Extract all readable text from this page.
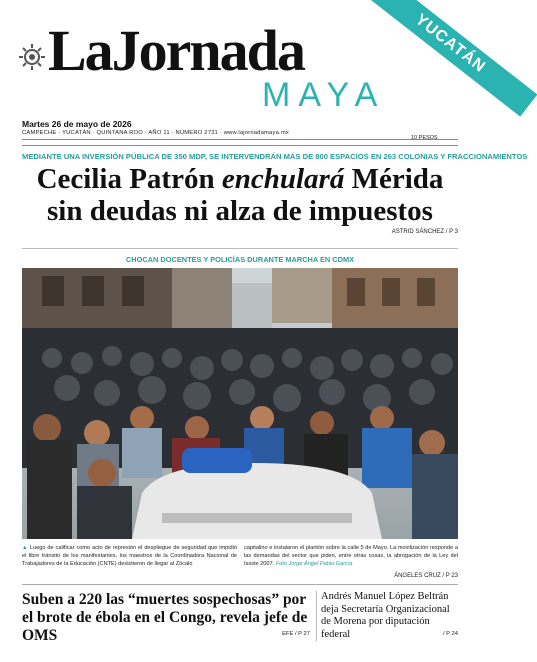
LaJornada
MAYA
YUCATÁN
Martes 26 de mayo de 2026
CAMPECHE · YUCATÁN · QUINTANA ROO · AÑO 11 · NÚMERO 2731 · www.lajornadamaya.mx
10 PESOS
MEDIANTE UNA INVERSIÓN PÚBLICA DE 350 MDP, SE INTERVENDRÁN MÁS DE 800 ESPACIOS EN 263 COLONIAS Y FRACCIONAMIENTOS
Cecilia Patrón enchulará Mérida sin deudas ni alza de impuestos
ASTRID SÁNCHEZ / P 3
CHOCAN DOCENTES Y POLICÍAS DURANTE MARCHA EN CDMX
▲ Luego de calificar como acto de represión el despliegue de seguridad que impidió el libre tránsito de los manifestantes, los maestros de la Coordinadora Nacional de Trabajadores de la Educación (CNTE) desistieron de llegar al Zócalo
capitalino e instalaron el plantón sobre la calle 5 de Mayo. La movilización responde a las demandas del sector que piden, entre otras cosas, la abrogación de la Ley del Issste 2007. Foto Jorge Ángel Pablo García
ÁNGELES CRUZ / P 23
Suben a 220 las “muertes sospechosas” por el brote de ébola en el Congo, revela jefe de OMS	EFE / P 27
Andrés Manuel López Beltrán deja Secretaría Organizacional de Morena por diputación federal	/ P 24
